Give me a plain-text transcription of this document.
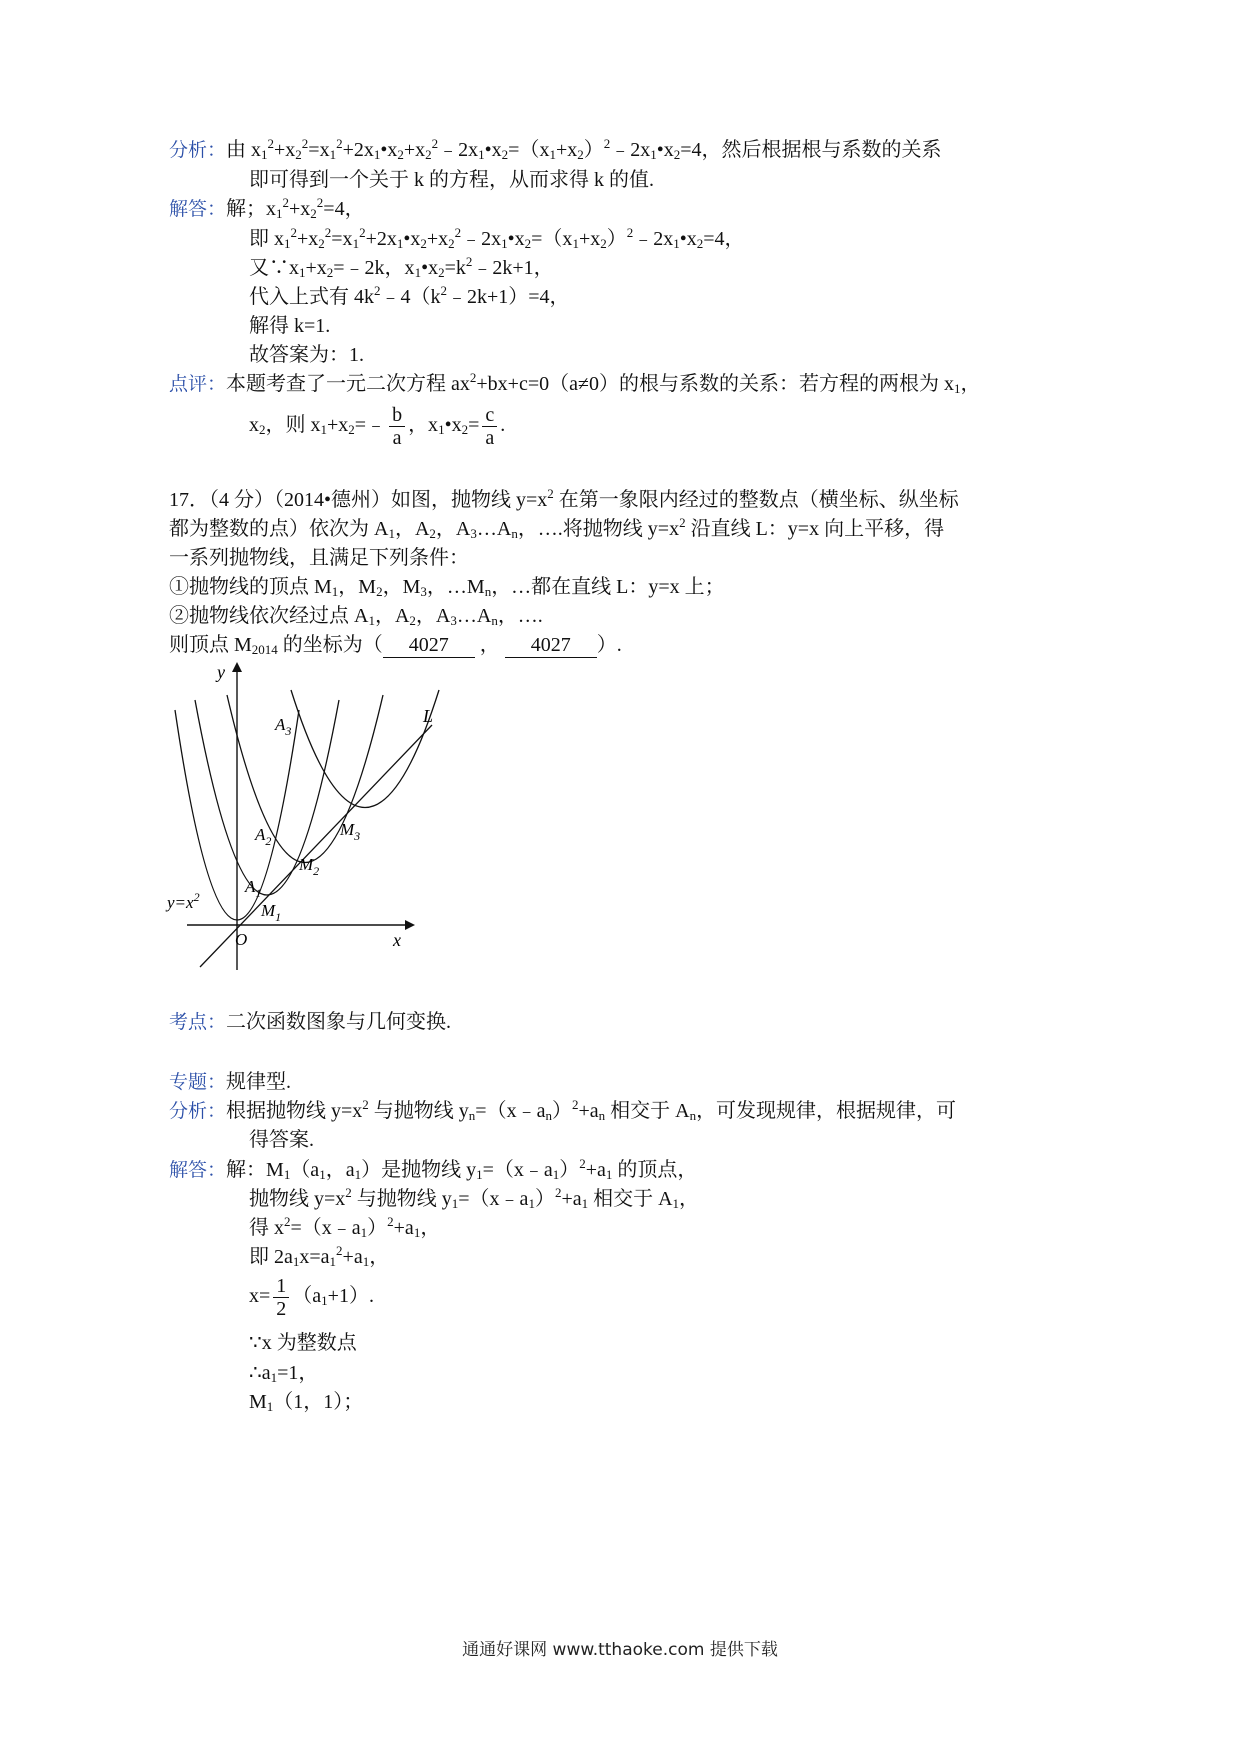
分析：由 $x_1^2+x_2^2=x_1^2+2x_1•x_2+x_2^2﹣2x_1•x_2=(x_1+x_2)^2﹣2x_1•x_2=4$，然后根据根与系数的关系
即可得到一个关于 k 的方程，从而求得 k 的值.
解答：解；$x_1^2+x_2^2=4$，
即 $x_1^2+x_2^2=x_1^2+2x_1•x_2+x_2^2﹣2x_1•x_2=(x_1+x_2)^2﹣2x_1•x_2=4$，
又$\because x_1+x_2=﹣2k$，$x_1•x_2=k^2﹣2k+1$，
代入上式有 $4k^2﹣4(k^2﹣2k+1)=4$，
解得 k=1.
故答案为：1.
点评：本题考查了一元二次方程 $ax^2+bx+c=0(a\ne 0)$的根与系数的关系：若方程的两根为 $x_1$，
$x_2$，则 $x_1+x_2=﹣ \frac{b}{a}$ ，$x_1•x_2= \frac{c}{a}$ .
17．（4 分）（2014•德州）如图，抛物线 $y=x^2$ 在第一象限内经过的整数点（横坐标、纵坐标
都为整数的点）依次为 $A_1$，$A_2$，$A_3\dots A_n$，….将抛物线 $y=x^2$ 沿直线 L：y=x 向上平移，得
一系列抛物线，且满足下列条件：
①抛物线的顶点 $M_1$，$M_2$，$M_3$，$\dots M_n$，…都在直线 L：y=x 上；
②抛物线依次经过点 $A_1$，$A_2$，$A_3\dots A_n$，….
则顶点 $M_{2014}$ 的坐标为（ 4027 ， 4027 ）.
y
x
O
L
$y=x^2$
$A_1$
$A_2$
$A_3$
$M_1$
$M_2$
$M_3$
考点：二次函数图象与几何变换.
专题：规律型.
分析：根据抛物线 $y=x^2$ 与抛物线 $y_n=(x﹣a_n)^2+a_n$ 相交于 $A_n$，可发现规律，根据规律，可
得答案.
解答：解：$M_1(a_1$，$a_1$）是抛物线 $y_1=(x﹣a_1)^2+a_1$ 的顶点，
抛物线 $y=x^2$ 与抛物线 $y_1=(x﹣a_1)^2+a_1$ 相交于 $A_1$，
得 $x^2=(x﹣a_1)^2+a_1$，
即 $2a_1x=a_1^2+a_1$，
$x= \frac{1}{2} (a_1+1)$.
∵x 为整数点
$\therefore a_1=1$，
$M_1(1$，1）；
通通好课网 www.tthaoke.com 提供下载
